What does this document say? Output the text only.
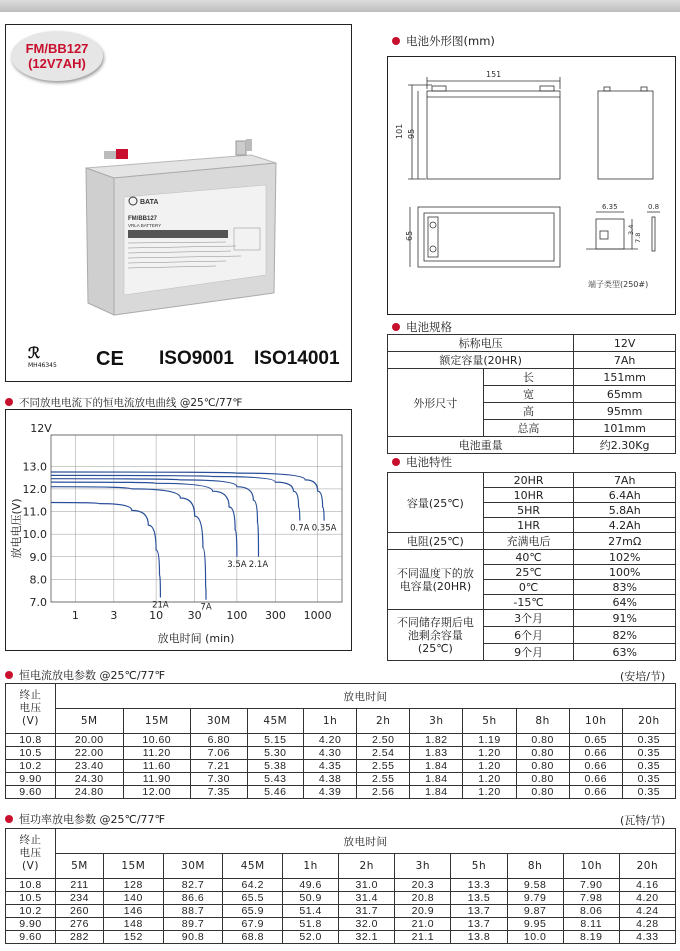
FM/BB127
(12V7AH)
BATA
FM/BB127
VRLA BATTERY
ℛ
MH46345 CE ISO9001 ISO14001
电池外形图(mm)
151
101 95
65
6.35	0.8
7.8
3.4
端子类型(250#)
电池规格
标称电压		12V
额定容量(20HR)		7Ah
外形尺寸	长	151mm
	宽	65mm
	高	95mm
	总高	101mm
电池重量		约2.30Kg
电池特性
容量(25℃)	20HR	7Ah
	10HR	6.4Ah
	5HR	5.8Ah
	1HR	4.2Ah
电阻(25℃)	充满电后	27mΩ
不同温度下的放电容量(20HR)	40℃	102%
	25℃	100%
	0℃	83%
	-15℃	64%
不同储存期后电池剩余容量(25℃)	3个月	91%
	6个月	82%
	9个月	63%
不同放电电流下的恒电流放电曲线 @25℃/77℉
1	3	10 30 100 300 1000
7.0
8.0
9.0
10.0
11.0
12.0
13.0
12V
放电时间 (min)
放电电压(V)
21A	7A
3.5A 2.1A
0.7A 0.35A
恒电流放电参数 @25℃/77℉	(安培/节)
终止电压(V)	放电时间										
	5M	15M	30M	45M	1h	2h	3h	5h	8h	10h	20h
10.8	20.00	10.60	6.80	5.15	4.20	2.50	1.82	1.19	0.80	0.65	0.35
10.5	22.00	11.20	7.06	5.30	4.30	2.54	1.83	1.20	0.80	0.66	0.35
10.2	23.40	11.60	7.21	5.38	4.35	2.55	1.84	1.20	0.80	0.66	0.35
9.90	24.30	11.90	7.30	5.43	4.38	2.55	1.84	1.20	0.80	0.66	0.35
9.60	24.80	12.00	7.35	5.46	4.39	2.56	1.84	1.20	0.80	0.66	0.35
恒功率放电参数 @25℃/77℉	(瓦特/节)
终止电压(V)	放电时间										
	5M	15M	30M	45M	1h	2h	3h	5h	8h	10h	20h
10.8	211	128	82.7	64.2	49.6	31.0	20.3	13.3	9.58	7.90	4.16
10.5	234	140	86.6	65.5	50.9	31.4	20.8	13.5	9.79	7.98	4.20
10.2	260	146	88.7	65.9	51.4	31.7	20.9	13.7	9.87	8.06	4.24
9.90	276	148	89.7	67.9	51.8	32.0	21.0	13.7	9.95	8.11	4.28
9.60	282	152	90.8	68.8	52.0	32.1	21.1	13.8	10.0	8.19	4.33
